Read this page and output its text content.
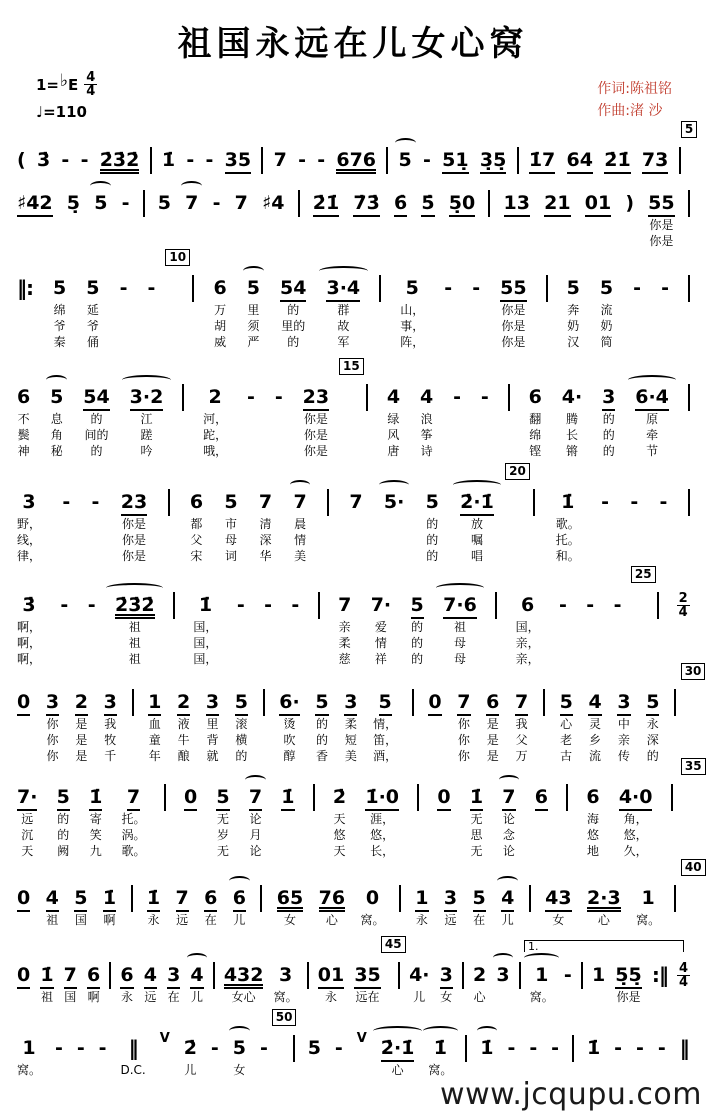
祖国永远在儿女心窝
1= ♭ E $\frac{4}{4}$
♩=110
作词:陈祖铭
作曲:渚 沙
( 3̇ - - 2̇3̇2̇ 1̇ - - 35 7 - - 676 5 - 51̣ 3̣5̣ 1̇7 64 2̇1̇ 73
5
♯42 5̣ 5 - 5 7 - 7 ♯4 2̇1̇ 7̇3̇ 6̇ 5̇ 5̣0 13 21 01 ) 55
你是
你是
‖: 5
绵
爷
秦
5
延
爷
俑
- -
10
6
万
胡
威
5
里
须
严
54
的
里的
的
3·4
群
故
军
5
山，
事，
阵，
- - 55
你是
你是
你是
5
奔
奶
汉
5
流
奶
简
- -
6
不
鬓
神
5
息
角
秘
54
的
间的
的
3·2
江
蹉
吟
2
河，
跎，
哦，
- - 23
你是
你是
你是
15
4
绿
风
唐
4
浪
筝
诗
- - 6
翻
绵
铿
4·
腾
长
锵
3
的
的
的
6·4
原
牵
节
3
野，
线，
律，
- - 23
你是
你是
你是
6
都
父
宋
5
市
母
词
7
清
深
华
7
晨
情
美
7 5· 5
的
的
的
2̇·1̇
放
嘱
唱
20
1̇
歌。
托。
和。
- - -
3̇
啊，
啊，
啊，
- - 2̇3̇2̇
祖
祖
祖
1̇
国，
国，
国，
- - - 7
亲
柔
慈
7·
爱
情
祥
5
的
的
的
7·6
祖
母
母
6
国，
亲，
亲，
- - -
25
$\frac{2}{4}$
0 3
你
你
你
2
是
是
是
3
我
牧
千
1
血
童
年
2
液
牛
酿
3
里
背
就
5
滚
横
的
6·
烫
吹
醇
5
的
的
香
3
柔
短
美
5
情，
笛，
酒，
0 7
你
你
你
6
是
是
是
7
我
父
万
5
心
老
古
4
灵
乡
流
3
中
亲
传
5
永
深
的
30
7·
远
沉
天
5
的
的
阙
1̇
寄
笑
九
7
托。
涡。
歌。
0 5
无
岁
无
7
论
月
论
1̇ 2̇
天
悠
天
1̇·0
涯，
悠，
长，
0 1̇
无
思
无
7
论
念
论
6 6
海
悠
地
4·0
角，
悠，
久，
35
0 4
祖
5
国
1̇
啊
1̇
永
7
远
6
在
6
儿
65
女
76
心
0
窝。
1
永
3
远
5
在
4
儿
43
女
2·3
心
1
窝。
40
1.
0 1̇
祖
7
国
6
啊
6
永
4
远
3
在
4
儿
432
女心
3
窝。
01
永
35
远在
45
4·
儿
3
女
2
心
3 1
窝。
- 1 5̣5̣
你是
:‖ $\frac{4}{4}$
1
窝。
- - - ‖
D.C.
V 2̇
儿
- 5
女
-
50
5 - V 2̇·1̇
心
1̇
窝。
1̇ - - - 1̇ - - - ‖
www.jcqupu.com
